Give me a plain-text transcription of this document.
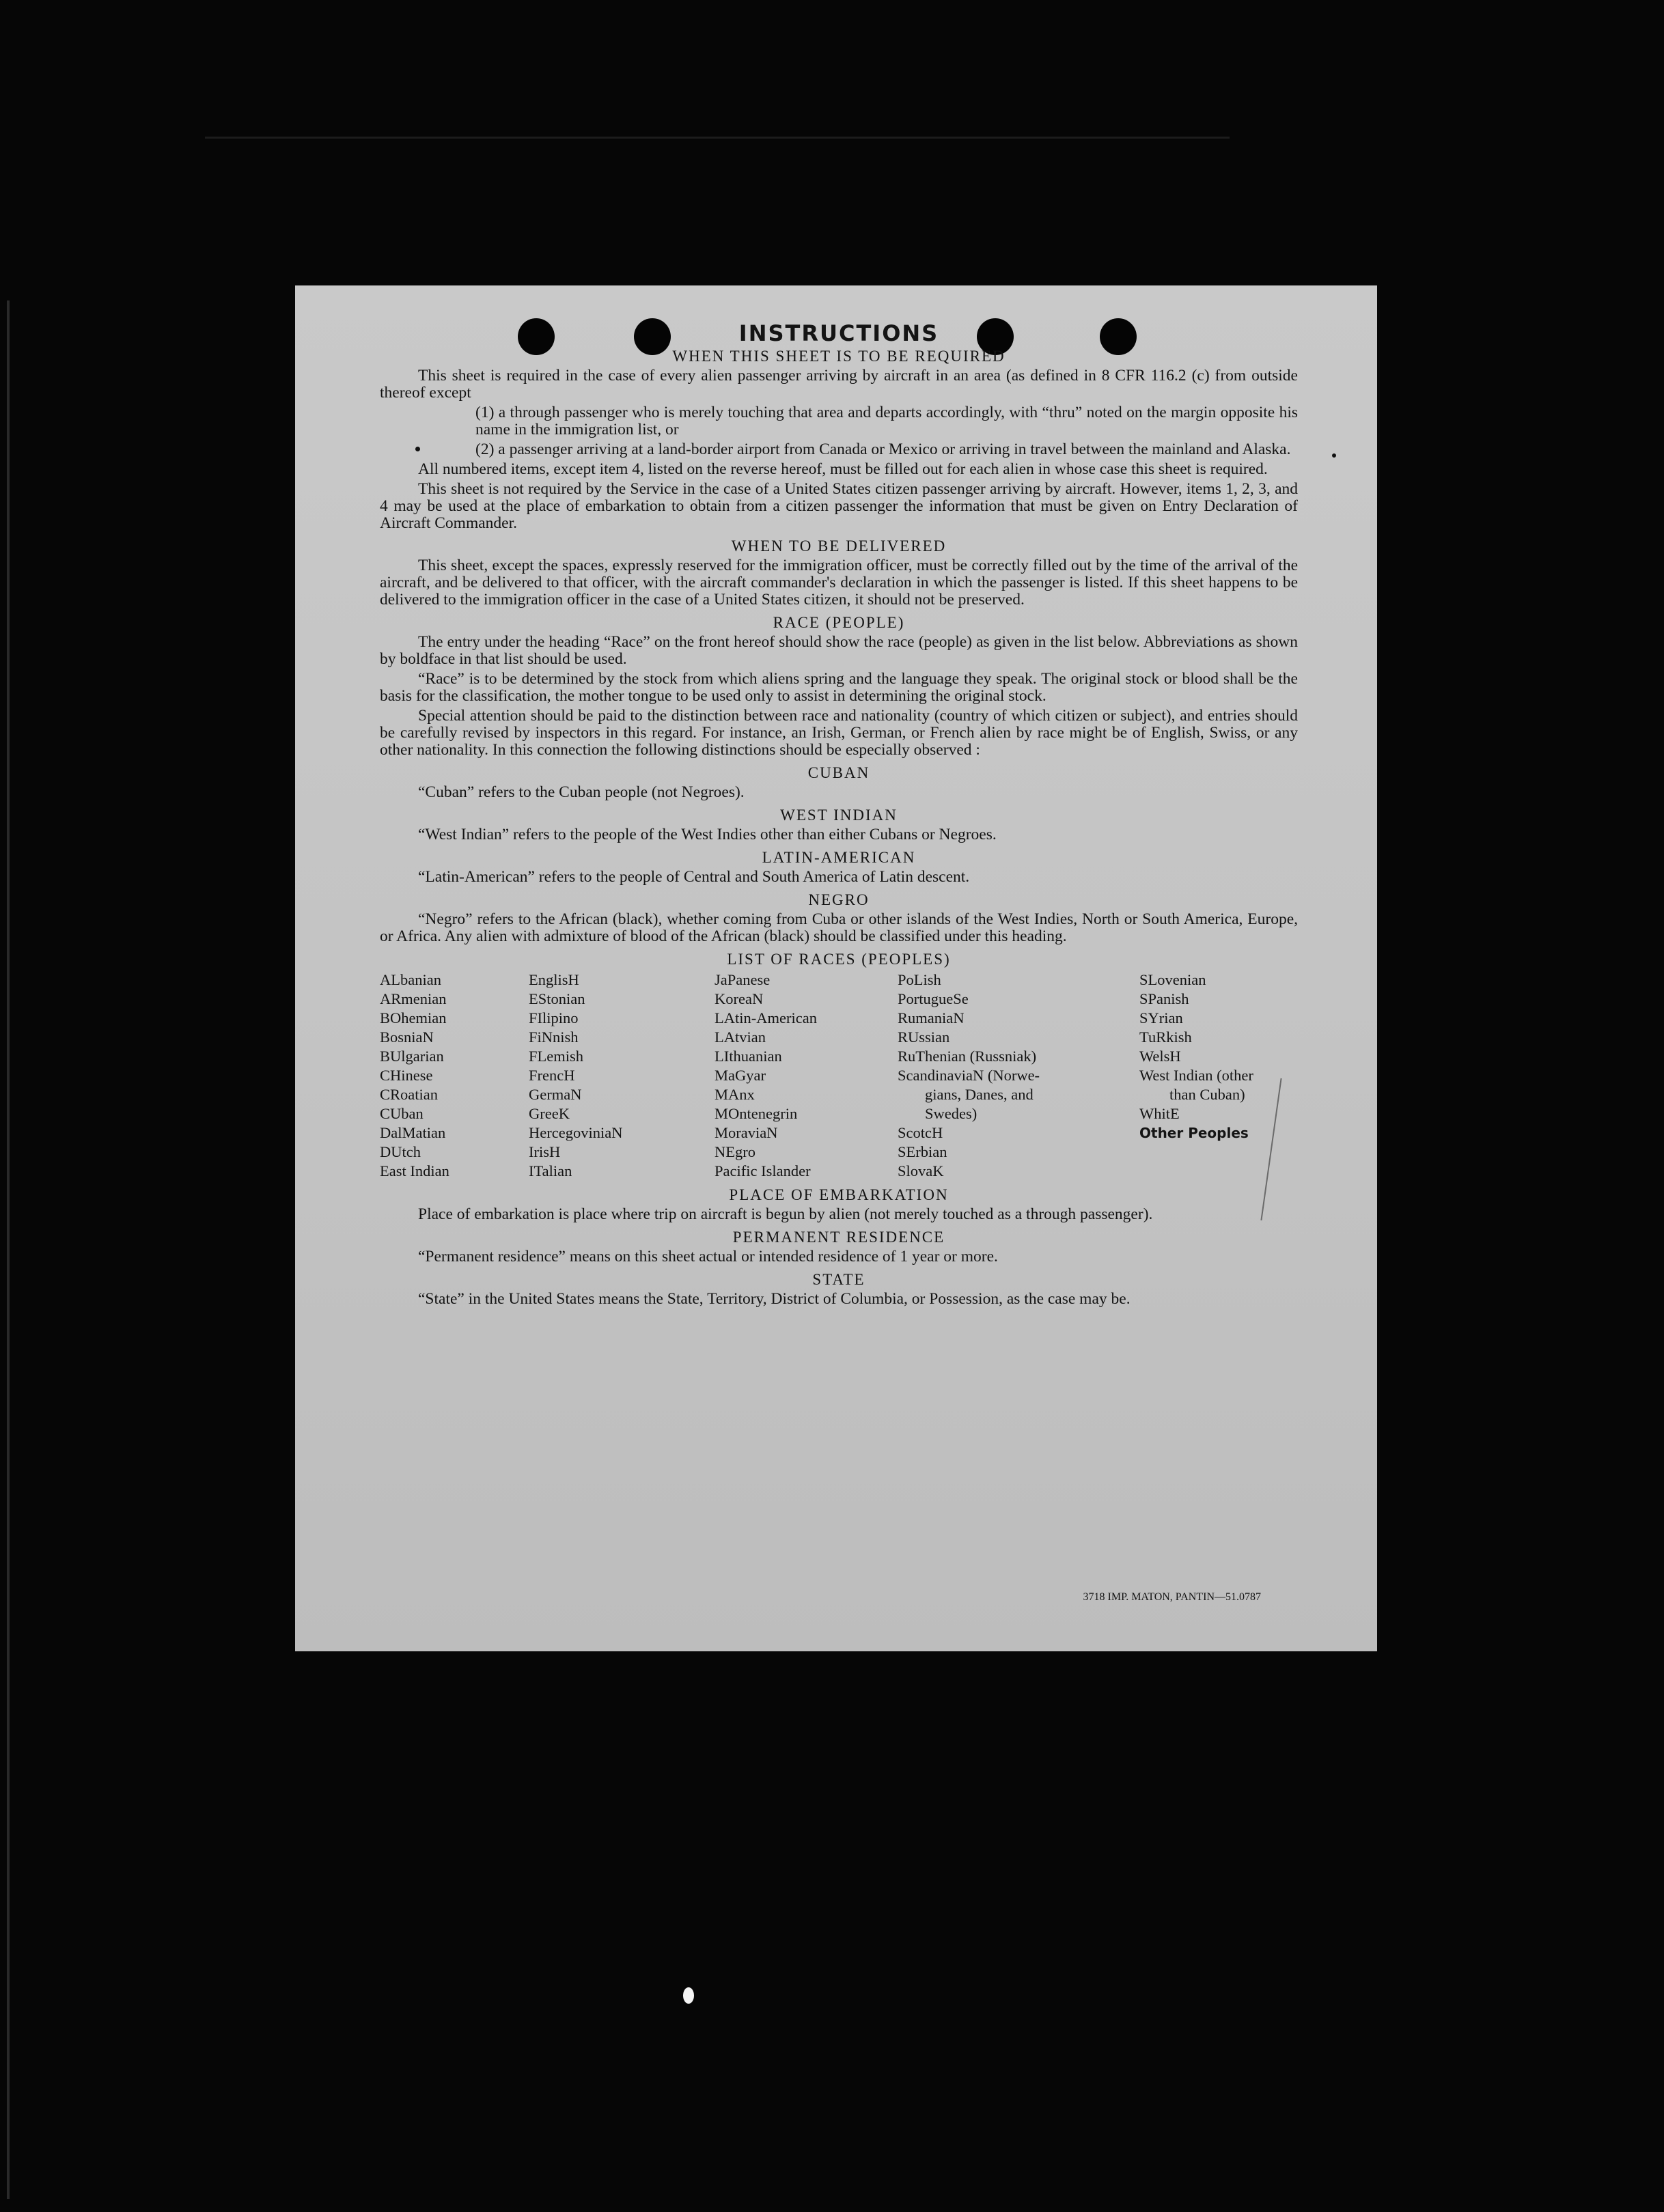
INSTRUCTIONS
WHEN THIS SHEET IS TO BE REQUIRED

This sheet is required in the case of every alien passenger arriving by aircraft in an area (as defined in 8 CFR 116.2 (c) from outside thereof except

(1) a through passenger who is merely touching that area and departs accordingly, with “thru” noted on the margin opposite his name in the immigration list, or

(2) a passenger arriving at a land-border airport from Canada or Mexico or arriving in travel between the mainland and Alaska.

All numbered items, except item 4, listed on the reverse hereof, must be filled out for each alien in whose case this sheet is required.

This sheet is not required by the Service in the case of a United States citizen passenger arriving by aircraft. However, items 1, 2, 3, and 4 may be used at the place of embarkation to obtain from a citizen passenger the information that must be given on Entry Declaration of Aircraft Commander.

WHEN TO BE DELIVERED

This sheet, except the spaces, expressly reserved for the immigration officer, must be correctly filled out by the time of the arrival of the aircraft, and be delivered to that officer, with the aircraft commander's declaration in which the passenger is listed. If this sheet happens to be delivered to the immigration officer in the case of a United States citizen, it should not be preserved.

RACE (PEOPLE)

The entry under the heading “Race” on the front hereof should show the race (people) as given in the list below. Abbreviations as shown by boldface in that list should be used.

“Race” is to be determined by the stock from which aliens spring and the language they speak. The original stock or blood shall be the basis for the classification, the mother tongue to be used only to assist in determining the original stock.

Special attention should be paid to the distinction between race and nationality (country of which citizen or subject), and entries should be carefully revised by inspectors in this regard. For instance, an Irish, German, or French alien by race might be of English, Swiss, or any other nationality. In this connection the following distinctions should be especially observed :

CUBAN

“Cuban” refers to the Cuban people (not Negroes).

WEST INDIAN

“West Indian” refers to the people of the West Indies other than either Cubans or Negroes.

LATIN-AMERICAN

“Latin-American” refers to the people of Central and South America of Latin descent.

NEGRO

“Negro” refers to the African (black), whether coming from Cuba or other islands of the West Indies, North or South America, Europe, or Africa. Any alien with admixture of blood of the African (black) should be classified under this heading.

LIST OF RACES (PEOPLES)
ALbanian
ARmenian
BOhemian
BosniaN
BUlgarian
CHinese
CRoatian
CUban
DalMatian
DUtch
East Indian
EnglisH
EStonian
FIlipino
FiNnish
FLemish
FrencH
GermaN
GreeK
HercegoviniaN
IrisH
ITalian
JaPanese
KoreaN
LAtin-American
LAtvian
LIthuanian
MaGyar
MAnx
MOntenegrin
MoraviaN
NEgro
Pacific Islander
PoLish
PortugueSe
RumaniaN
RUssian
RuThenian (Russniak)
ScandinaviaN (Norwe-
gians, Danes, and
Swedes)
ScotcH
SErbian
SlovaK
SLovenian
SPanish
SYrian
TuRkish
WelsH
West Indian (other
than Cuban)
WhitE
Other Peoples
PLACE OF EMBARKATION

Place of embarkation is place where trip on aircraft is begun by alien (not merely touched as a through passenger).

PERMANENT RESIDENCE

“Permanent residence” means on this sheet actual or intended residence of 1 year or more.

STATE

“State” in the United States means the State, Territory, District of Columbia, or Possession, as the case may be.

3718 IMP. MATON, PANTIN—51.0787
